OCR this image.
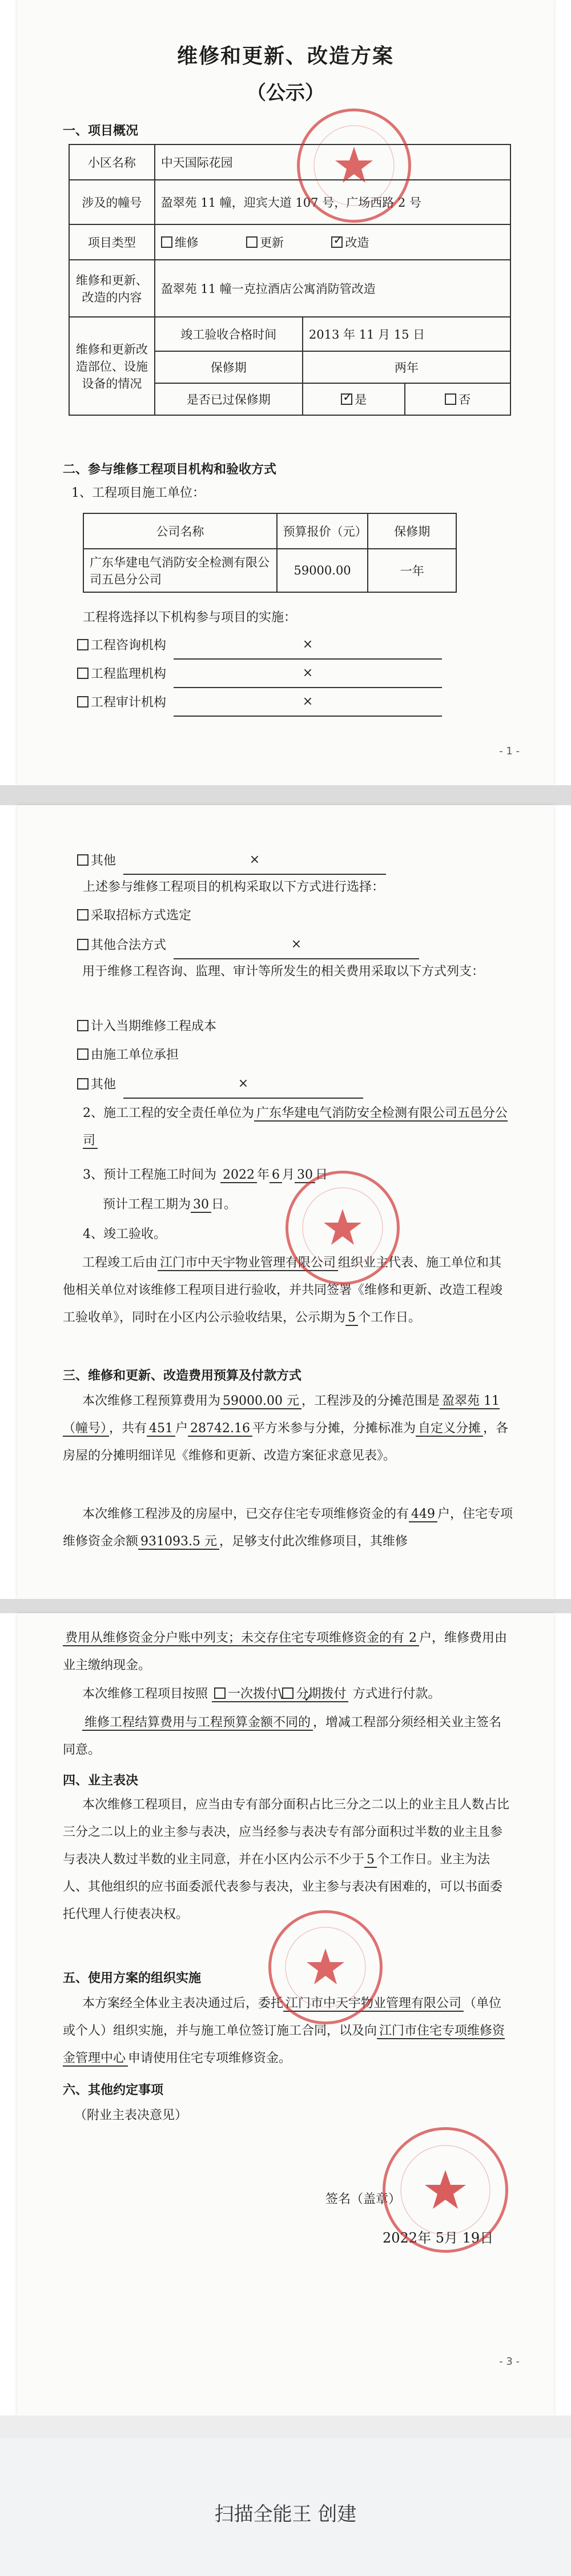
维修和更新、改造方案
（公示）
一、项目概况
小区名称	中天国际花园		
涉及的幢号	盈翠苑 11 幢，迎宾大道 107 号，广场西路 2 号		
项目类型	维修 更新 ✓ 改造
维修和更新、改造的内容	盈翠苑 11 幢一克拉酒店公寓消防管改造		
维修和更新改造部位、设施设备的情况	竣工验收合格时间	2013 年 11 月 15 日	
	保修期	两年	
	是否已过保修期	✓是	否
二、参与维修工程项目机构和验收方式

1、工程项目施工单位：

公司名称	预算报价（元）	保修期
广东华建电气消防安全检测有限公司五邑分公司	59000.00	一年

工程将选择以下机构参与项目的实施：

工程咨询机构	×
工程监理机构	×
工程审计机构	×
- 1 -
其他	×

上述参与维修工程项目的机构采取以下方式进行选择：

采取招标方式选定
其他合法方式	×

用于维修工程咨询、监理、审计等所发生的相关费用采取以下方式列支：

计入当期维修工程成本
由施工单位承担
其他	×

2、施工工程的安全责任单位为 广东华建电气消防安全检测有限公司五邑分公司

3、预计工程施工时间为 2022 年 6 月 30 日

预计工程工期为 30 日。

4、竣工验收。

工程竣工后由 江门市中天宇物业管理有限公司 组织业主代表、施工单位和其他相关单位对该维修工程项目进行验收，并共同签署《维修和更新、改造工程竣工验收单》，同时在小区内公示验收结果，公示期为 5 个工作日。

三、维修和更新、改造费用预算及付款方式

本次维修工程预算费用为 59000.00 元 ，工程涉及的分摊范围是 盈翠苑 11（幢号） ，共有 451 户 28742.16 平方米参与分摊，分摊标准为 自定义分摊 ，各房屋的分摊明细详见《维修和更新、改造方案征求意见表》。

本次维修工程涉及的房屋中，已交存住宅专项维修资金的有 449 户，住宅专项维修资金余额 931093.5 元 ，足够支付此次维修项目，其维修

费用从维修资金分户账中列支；未交存住宅专项维修资金的有 2 户，维修费用由业主缴纳现金。

本次维修工程项目按照 一次拨付\ ✓ 分期拨付 方式进行付款。

维修工程结算费用与工程预算金额不同的 ，增减工程部分须经相关业主签名同意。

四、业主表决

本次维修工程项目，应当由专有部分面积占比三分之二以上的业主且人数占比三分之二以上的业主参与表决，应当经参与表决专有部分面积过半数的业主且参与表决人数过半数的业主同意，并在小区内公示不少于 5 个工作日。业主为法人、其他组织的应书面委派代表参与表决，业主参与表决有困难的，可以书面委托代理人行使表决权。

五、使用方案的组织实施

本方案经全体业主表决通过后，委托 江门市中天宇物业管理有限公司 （单位或个人）组织实施，并与施工单位签订施工合同，以及向 江门市住宅专项维修资金管理中心 申请使用住宅专项维修资金。

六、其他约定事项

（附业主表决意见）

签名（盖章）

2022年 5月 19日

- 3 -
扫描全能王 创建
